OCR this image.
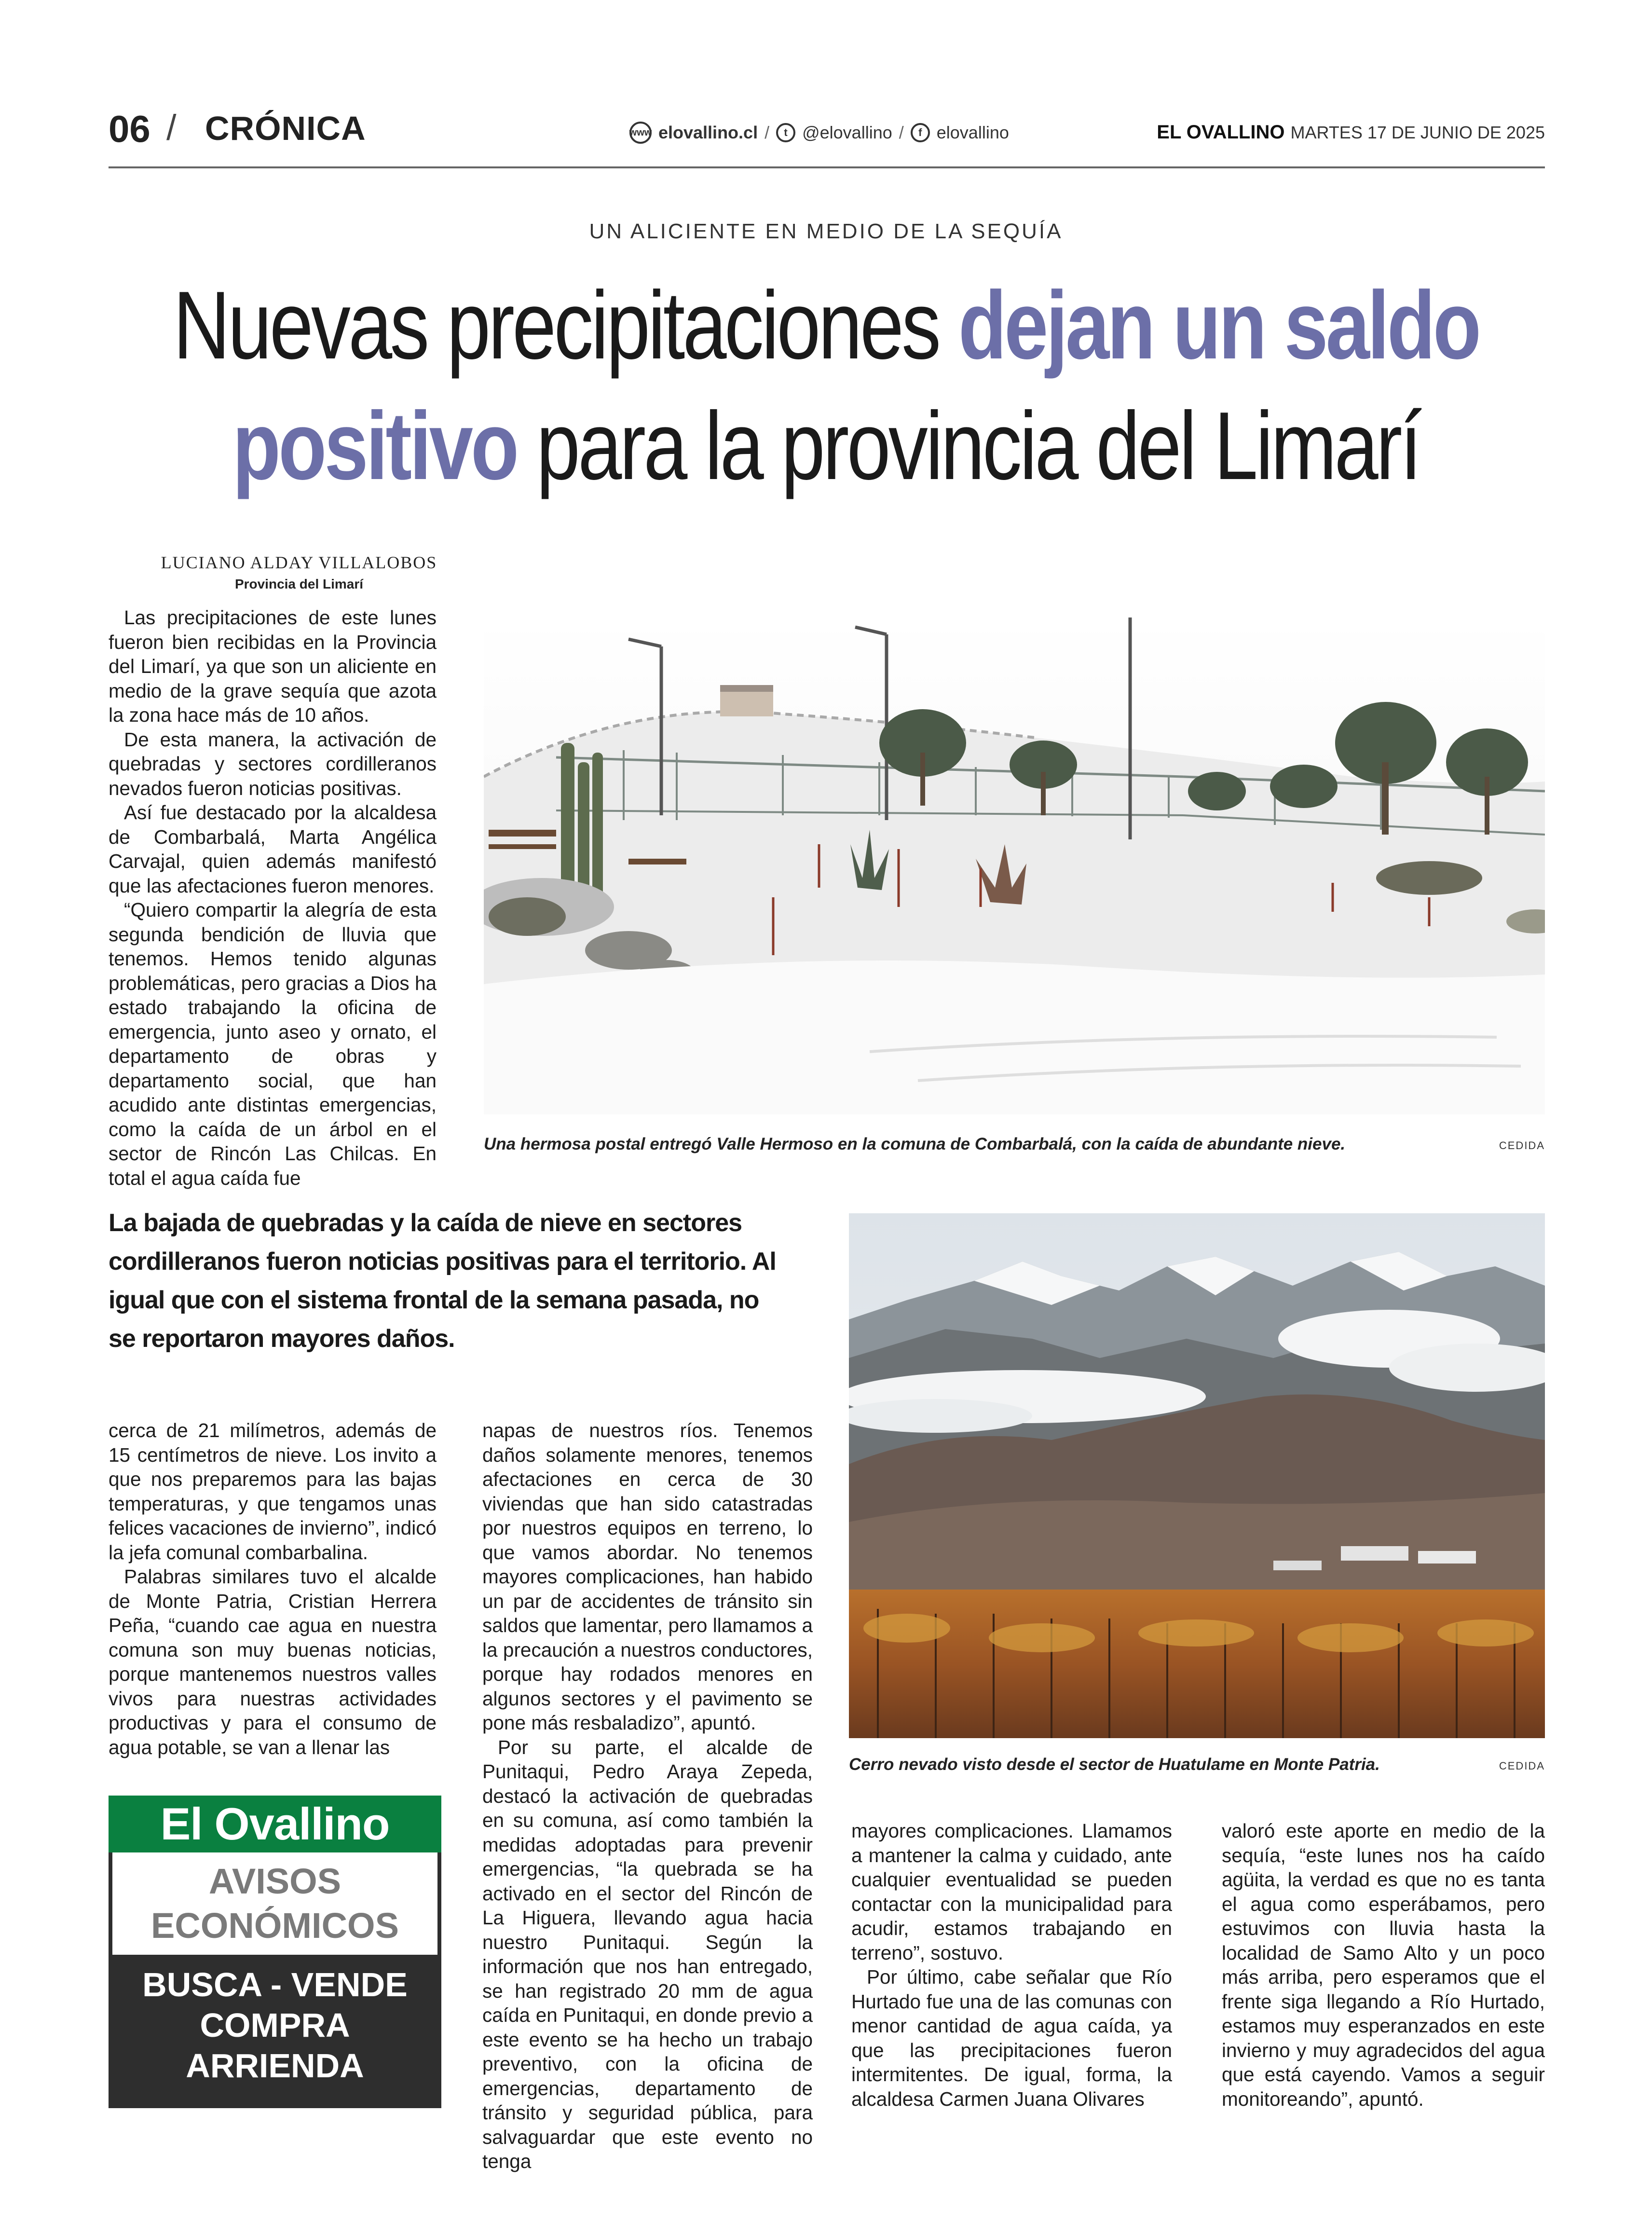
06 / CRÓNICA	www elovallino.cl /	t @elovallino /	f elovallino	EL OVALLINO MARTES 17 DE JUNIO DE 2025
UN ALICIENTE EN MEDIO DE LA SEQUÍA
Nuevas precipitaciones dejan un saldo
positivo para la provincia del Limarí
LUCIANO ALDAY VILLALOBOS
Provincia del Limarí

Las precipitaciones de este lunes fueron bien recibidas en la Provincia del Limarí, ya que son un aliciente en medio de la grave sequía que azota la zona hace más de 10 años.

De esta manera, la activación de quebradas y sectores cordilleranos nevados fueron noticias positivas.

Así fue destacado por la alcaldesa de Combarbalá, Marta Angélica Carvajal, quien además manifestó que las afectaciones fueron menores.

“Quiero compartir la alegría de esta segunda bendición de lluvia que tenemos. Hemos tenido algunas problemáticas, pero gracias a Dios ha estado trabajando la oficina de emergencia, junto aseo y ornato, el departamento de obras y departamento social, que han acudido ante distintas emergencias, como la caída de un árbol en el sector de Rincón Las Chilcas. En total el agua caída fue

Una hermosa postal entregó Valle Hermoso en la comuna de Combarbalá, con la caída de abundante nieve.	CEDIDA
La bajada de quebradas y la caída de nieve en sectores cordilleranos fueron noticias positivas para el territorio. Al igual que con el sistema frontal de la semana pasada, no se reportaron mayores daños.
Cerro nevado visto desde el sector de Huatulame en Monte Patria.	CEDIDA

cerca de 21 milímetros, además de 15 centímetros de nieve. Los invito a que nos preparemos para las bajas temperaturas, y que tengamos unas felices vacaciones de invierno”, indicó la jefa comunal combarbalina.

Palabras similares tuvo el alcalde de Monte Patria, Cristian Herrera Peña, “cuando cae agua en nuestra comuna son muy buenas noticias, porque mantenemos nuestros valles vivos para nuestras actividades productivas y para el consumo de agua potable, se van a llenar las

napas de nuestros ríos. Tenemos daños solamente menores, tenemos afectaciones en cerca de 30 viviendas que han sido catastradas por nuestros equipos en terreno, lo que vamos abordar. No tenemos mayores complicaciones, han habido un par de accidentes de tránsito sin saldos que lamentar, pero llamamos a la precaución a nuestros conductores, porque hay rodados menores en algunos sectores y el pavimento se pone más resbaladizo”, apuntó.

Por su parte, el alcalde de Punitaqui, Pedro Araya Zepeda, destacó la activación de quebradas en su comuna, así como también la medidas adoptadas para prevenir emergencias, “la quebrada se ha activado en el sector del Rincón de La Higuera, llevando agua hacia nuestro Punitaqui. Según la información que nos han entregado, se han registrado 20 mm de agua caída en Punitaqui, en donde previo a este evento se ha hecho un trabajo preventivo, con la oficina de emergencias, departamento de tránsito y seguridad pública, para salvaguardar que este evento no tenga

mayores complicaciones. Llamamos a mantener la calma y cuidado, ante cualquier eventualidad se pueden contactar con la municipalidad para acudir, estamos trabajando en terreno”, sostuvo.

Por último, cabe señalar que Río Hurtado fue una de las comunas con menor cantidad de agua caída, ya que las precipitaciones fueron intermitentes. De igual, forma, la alcaldesa Carmen Juana Olivares

valoró este aporte en medio de la sequía, “este lunes nos ha caído agüita, la verdad es que no es tanta el agua como esperábamos, pero estuvimos con lluvia hasta la localidad de Samo Alto y un poco más arriba, pero esperamos que el frente siga llegando a Río Hurtado, estamos muy esperanzados en este invierno y muy agradecidos del agua que está cayendo. Vamos a seguir monitoreando”, apuntó.

El Ovallino
AVISOS
ECONÓMICOS
BUSCA - VENDE
COMPRA
ARRIENDA
